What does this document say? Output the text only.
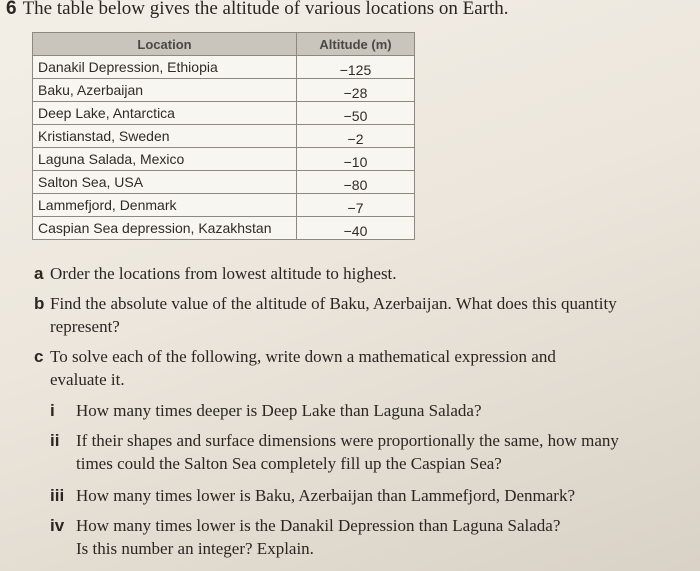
6 The table below gives the altitude of various locations on Earth.
Location	Altitude (m)
Danakil Depression, Ethiopia	−125
Baku, Azerbaijan	−28
Deep Lake, Antarctica	−50
Kristianstad, Sweden	−2
Laguna Salada, Mexico	−10
Salton Sea, USA	−80
Lammefjord, Denmark	−7
Caspian Sea depression, Kazakhstan	−40
a Order the locations from lowest altitude to highest.
b Find the absolute value of the altitude of Baku, Azerbaijan. What does this quantity
represent?
c To solve each of the following, write down a mathematical expression and
evaluate it.
i How many times deeper is Deep Lake than Laguna Salada?
ii If their shapes and surface dimensions were proportionally the same, how many
times could the Salton Sea completely fill up the Caspian Sea?
iii How many times lower is Baku, Azerbaijan than Lammefjord, Denmark?
iv How many times lower is the Danakil Depression than Laguna Salada?
Is this number an integer? Explain.
